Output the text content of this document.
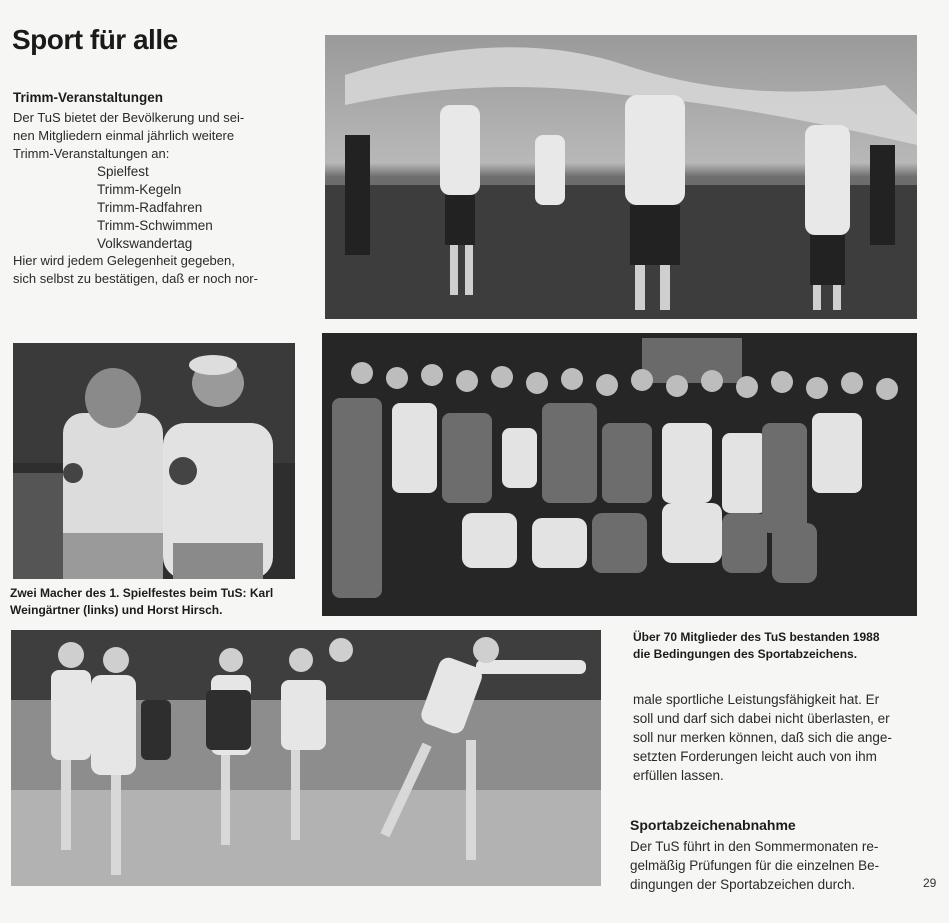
Sport für alle
Trimm-Veranstaltungen
Der TuS bietet der Bevölkerung und sei-
nen Mitgliedern einmal jährlich weitere
Trimm-Veranstaltungen an:
Spielfest
Trimm-Kegeln
Trimm-Radfahren
Trimm-Schwimmen
Volkswandertag
Hier wird jedem Gelegenheit gegeben,
sich selbst zu bestätigen, daß er noch nor-
Zwei Macher des 1. Spielfestes beim TuS: Karl
Weingärtner (links) und Horst Hirsch.
Über 70 Mitglieder des TuS bestanden 1988
die Bedingungen des Sportabzeichens.
male sportliche Leistungsfähigkeit hat. Er
soll und darf sich dabei nicht überlasten, er
soll nur merken können, daß sich die ange-
setzten Forderungen leicht auch von ihm
erfüllen lassen.
Sportabzeichenabnahme
Der TuS führt in den Sommermonaten re-
gelmäßig Prüfungen für die einzelnen Be-
dingungen der Sportabzeichen durch.	29
